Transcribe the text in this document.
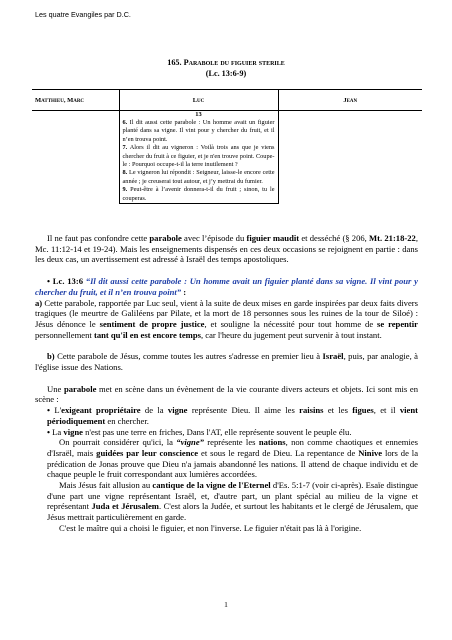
Les quatre Evangiles par D.C.
165. Parabole du figuier sterile
(Lc. 13:6-9)
Matthieu, Marc	Luc	Jean

	13

6. Il dit aussi cette parabole : Un homme avait un figuier planté dans sa vigne. Il vint pour y chercher du fruit, et il n’en trouva point.

7. Alors il dit au vigneron : Voilà trois ans que je viens chercher du fruit à ce figuier, et je n'en trouve point. Coupe-le : Pourquoi occupe-t-il la terre inutilement ?

8. Le vigneron lui répondit : Seigneur, laisse-le encore cette année ; je creuserai tout autour, et j’y mettrai du fumier.

9. Peut-être à l’avenir donnera-t-il du fruit ; sinon, tu le couperas.	

Il ne faut pas confondre cette parabole avec l’épisode du figuier maudit et desséché (§ 206, Mt. 21:18-22, Mc. 11:12-14 et 19-24). Mais les enseignements dispensés en ces deux occasions se rejoignent en partie : dans les deux cas, un avertissement est adressé à Israël des temps apostoliques.

• Lc. 13:6 “Il dit aussi cette parabole : Un homme avait un figuier planté dans sa vigne. Il vint pour y chercher du fruit, et il n’en trouva point” :

a) Cette parabole, rapportée par Luc seul, vient à la suite de deux mises en garde inspirées par deux faits divers tragiques (le meurtre de Galiléens par Pilate, et la mort de 18 personnes sous les ruines de la tour de Siloé) : Jésus dénonce le sentiment de propre justice, et souligne la nécessité pour tout homme de se repentir personnellement tant qu'il en est encore temps, car l'heure du jugement peut survenir à tout instant.

b) Cette parabole de Jésus, comme toutes les autres s'adresse en premier lieu à Israël, puis, par analogie, à l'église issue des Nations.

Une parabole met en scène dans un évènement de la vie courante divers acteurs et objets. Ici sont mis en scène :

• L'exigeant propriétaire de la vigne représente Dieu. Il aime les raisins et les figues, et il vient périodiquement en chercher.

• La vigne n'est pas une terre en friches, Dans l'AT, elle représente souvent le peuple élu.

On pourrait considérer qu'ici, la “vigne” représente les nations, non comme chaotiques et ennemies d'Israël, mais guidées par leur conscience et sous le regard de Dieu. La repentance de Ninive lors de la prédication de Jonas prouve que Dieu n'a jamais abandonné les nations. Il attend de chaque individu et de chaque peuple le fruit correspondant aux lumières accordées.

Mais Jésus fait allusion au cantique de la vigne de l'Eternel d'Es. 5:1-7 (voir ci-après). Esaïe distingue d'une part une vigne représentant Israël, et, d'autre part, un plant spécial au milieu de la vigne et représentant Juda et Jérusalem. C'est alors la Judée, et surtout les habitants et le clergé de Jérusalem, que Jésus mettrait particulièrement en garde.

C'est le maître qui a choisi le figuier, et non l'inverse. Le figuier n'était pas là à l'origine.

1
